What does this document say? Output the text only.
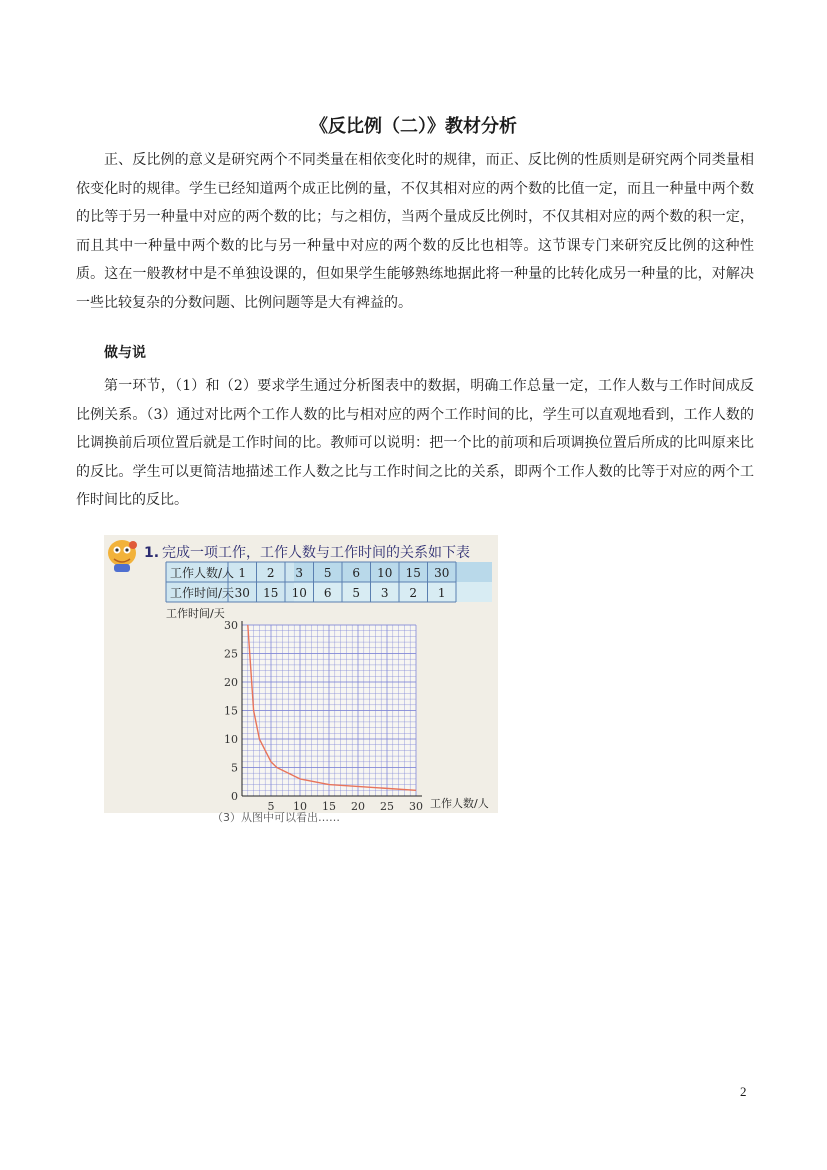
《反比例（二）》教材分析

正、反比例的意义是研究两个不同类量在相依变化时的规律，而正、反比例的性质则是研究两个同类量相依变化时的规律。学生已经知道两个成正比例的量，不仅其相对应的两个数的比值一定，而且一种量中两个数的比等于另一种量中对应的两个数的比；与之相仿，当两个量成反比例时，不仅其相对应的两个数的积一定，而且其中一种量中两个数的比与另一种量中对应的两个数的反比也相等。这节课专门来研究反比例的这种性质。这在一般教材中是不单独设课的，但如果学生能够熟练地据此将一种量的比转化成另一种量的比，对解决一些比较复杂的分数问题、比例问题等是大有裨益的。

做与说

第一环节，（1）和（2）要求学生通过分析图表中的数据，明确工作总量一定，工作人数与工作时间成反比例关系。（3）通过对比两个工作人数的比与相对应的两个工作时间的比，学生可以直观地看到，工作人数的比调换前后项位置后就是工作时间的比。教师可以说明：把一个比的前项和后项调换位置后所成的比叫原来比的反比。学生可以更简洁地描述工作人数之比与工作时间之比的关系，即两个工作人数的比等于对应的两个工作时间比的反比。

1. 完成一项工作，工作人数与工作时间的关系如下表
工作人数/人
工作时间/天
1
30
2
15
3
10
5
6
6
5
10
3
15
2
30
1
工作时间/天
工作人数/人
（3）从图中可以看出……
0
5
10
15
20
25
30
5 10 15 20 25 30
2
